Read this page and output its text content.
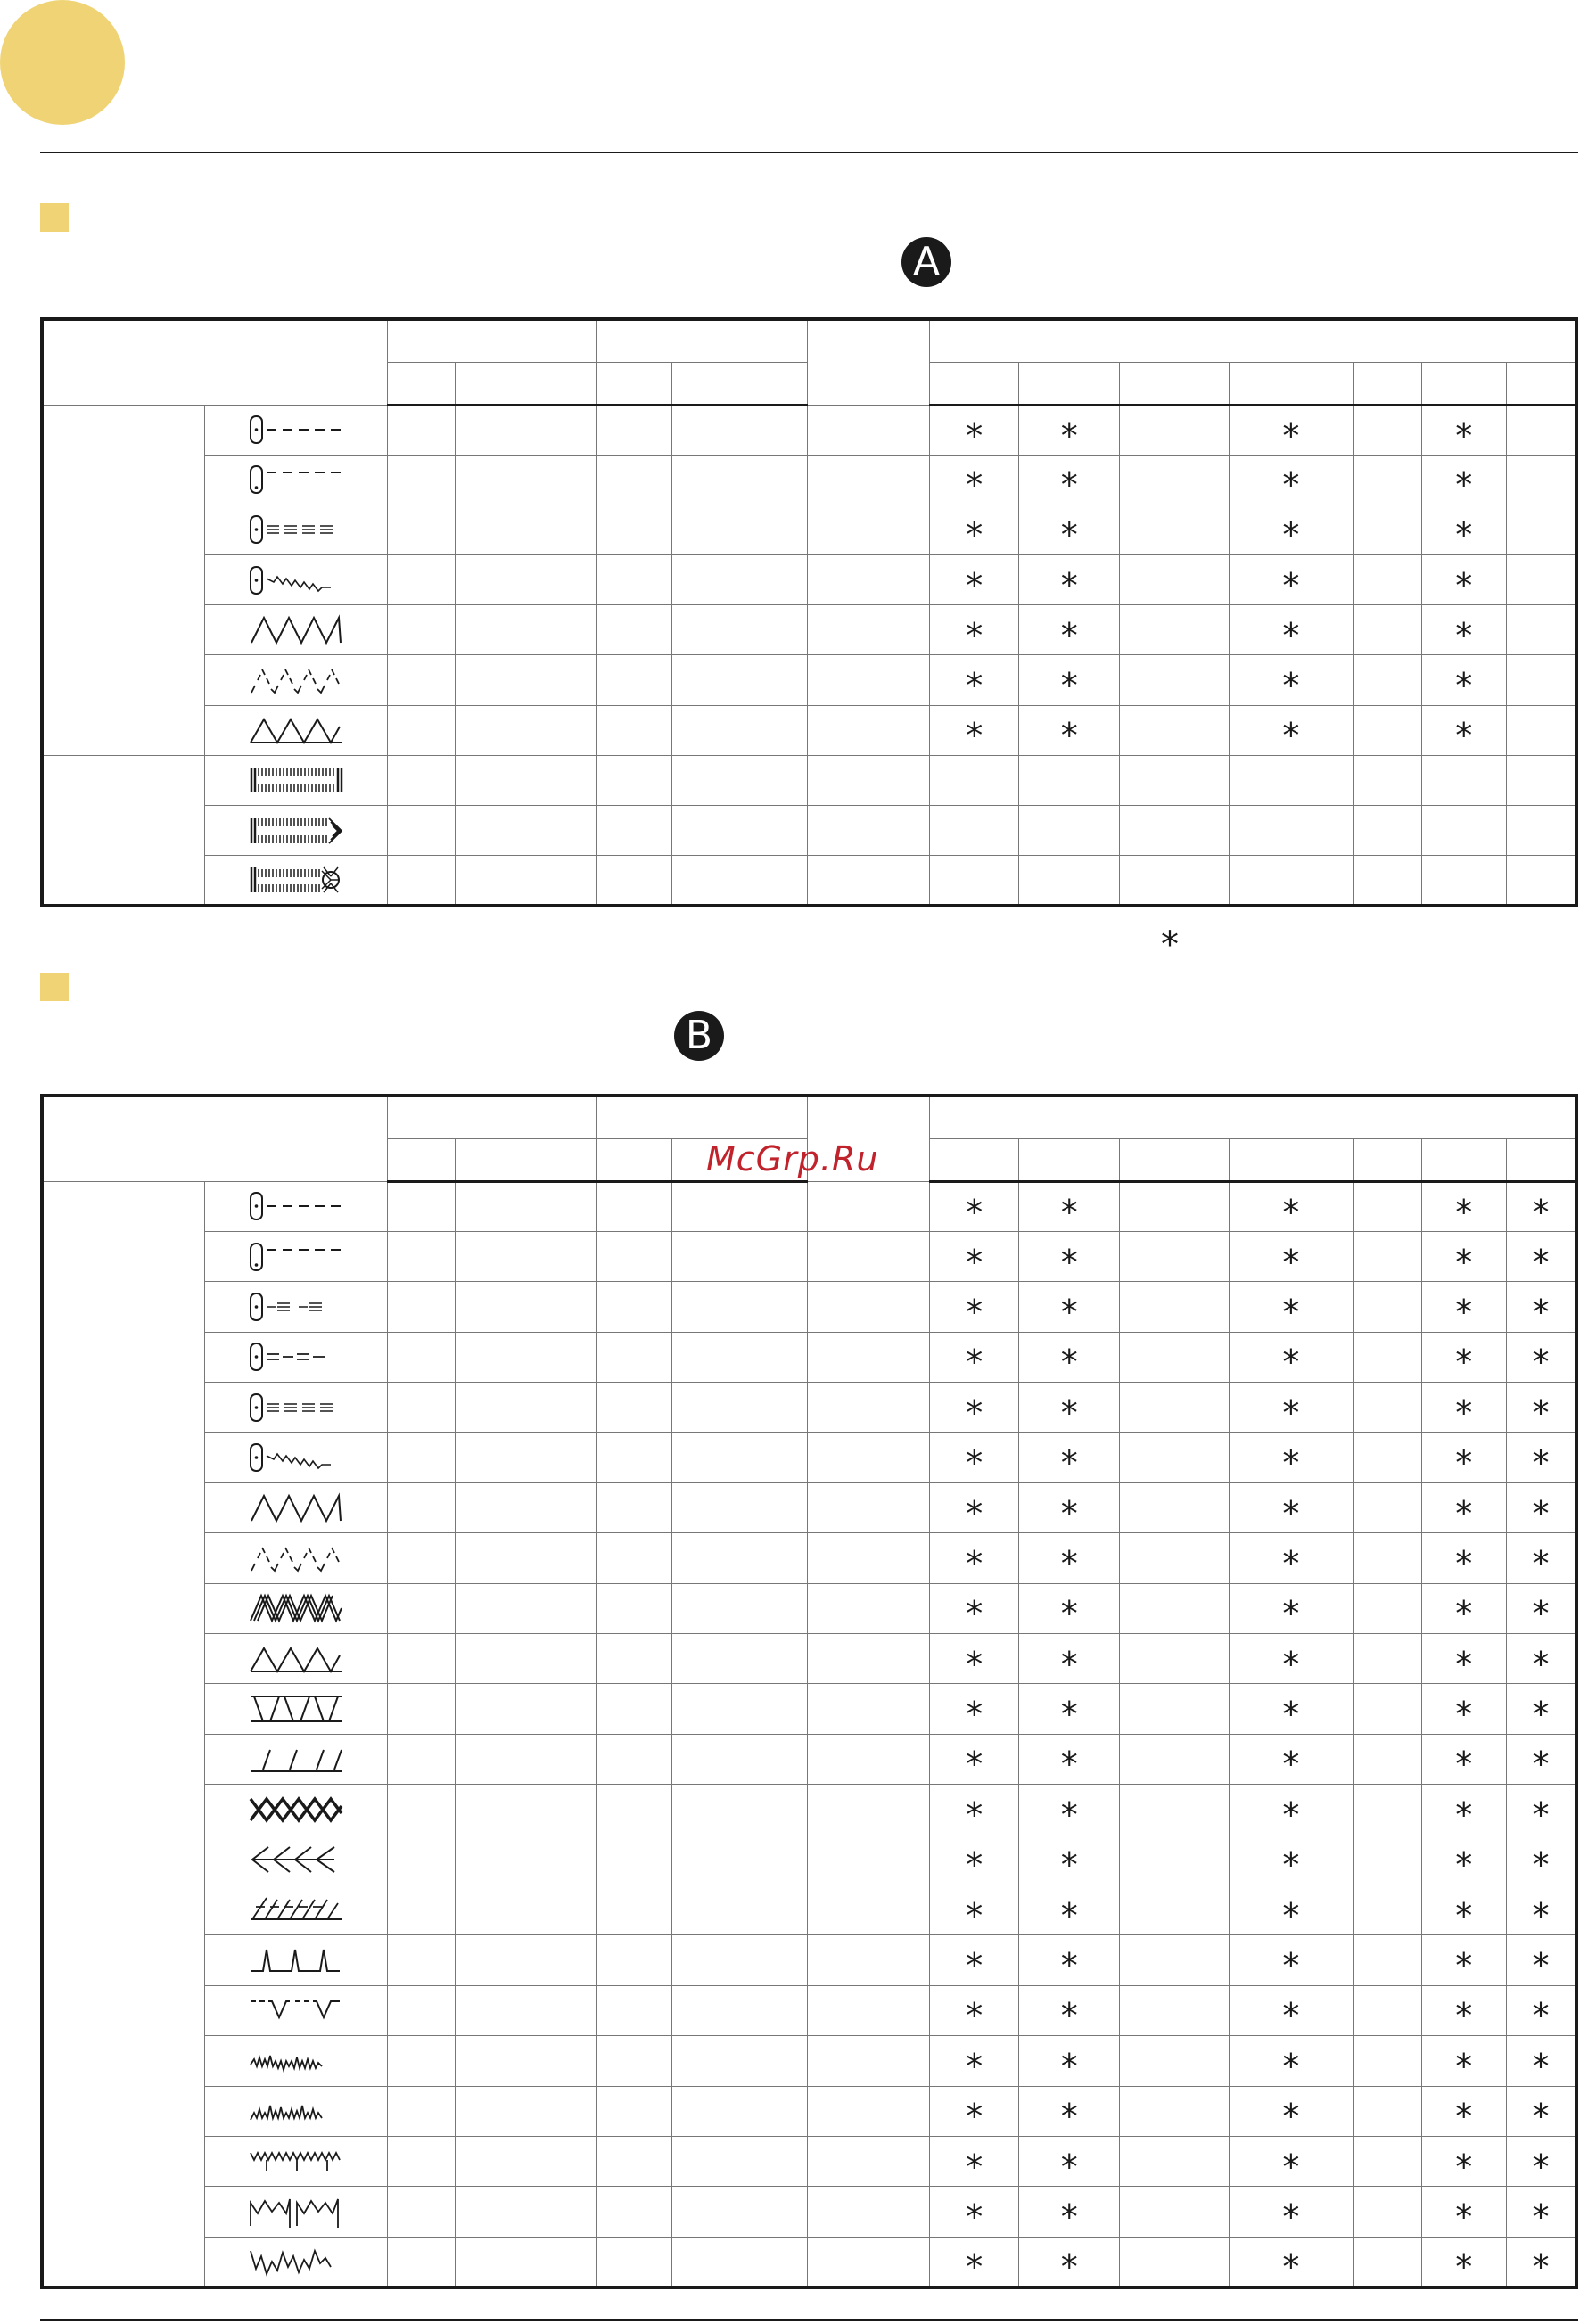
A

						*	*		*		*	

						*	*		*		*	

						*	*		*		*	

						*	*		*		*	

						*	*		*		*	

						*	*		*		*	

						*	*		*		*	

*
B

						*	*		*		*	*

						*	*		*		*	*

						*	*		*		*	*

						*	*		*		*	*

						*	*		*		*	*

						*	*		*		*	*

						*	*		*		*	*

						*	*		*		*	*

						*	*		*		*	*

						*	*		*		*	*

						*	*		*		*	*

						*	*		*		*	*

						*	*		*		*	*

						*	*		*		*	*

						*	*		*		*	*

						*	*		*		*	*

						*	*		*		*	*

						*	*		*		*	*

						*	*		*		*	*

						*	*		*		*	*

						*	*		*		*	*

						*	*		*		*	*
McGrp.Ru
